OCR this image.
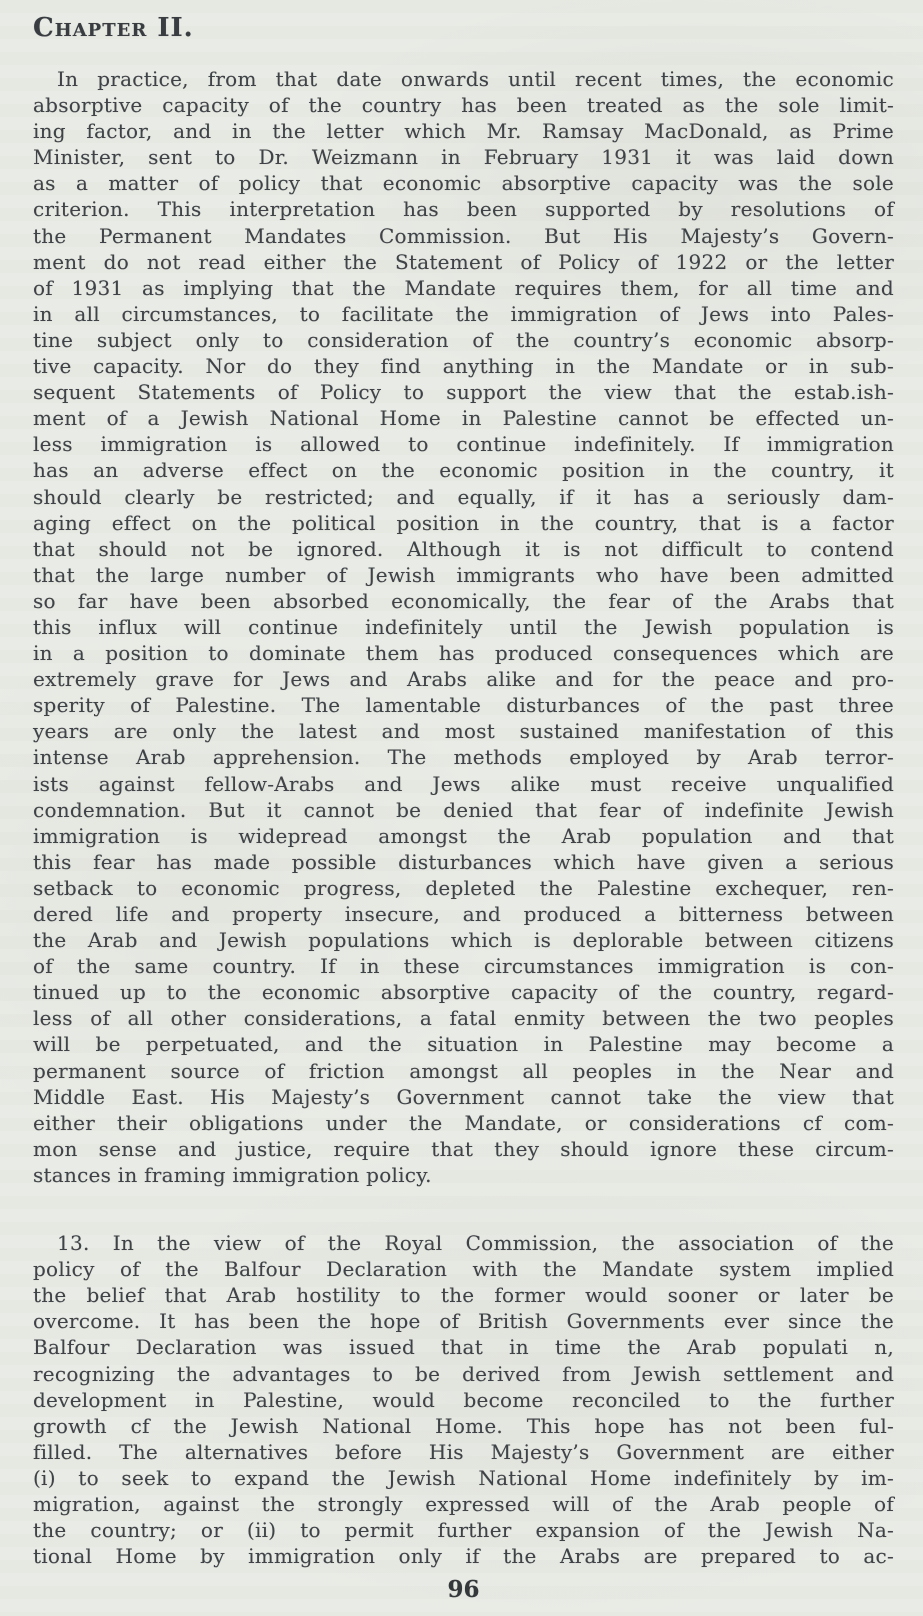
Chapter II.

In practice, from that date onwards until recent times, the economic
absorptive capacity of the country has been treated as the sole limit-
ing factor, and in the letter which Mr. Ramsay MacDonald, as Prime
Minister, sent to Dr. Weizmann in February 1931 it was laid down
as a matter of policy that economic absorptive capacity was the sole
criterion. This interpretation has been supported by resolutions of
the Permanent Mandates Commission. But His Majesty’s Govern-
ment do not read either the Statement of Policy of 1922 or the letter
of 1931 as implying that the Mandate requires them, for all time and
in all circumstances, to facilitate the immigration of Jews into Pales-
tine subject only to consideration of the country’s economic absorp-
tive capacity. Nor do they find anything in the Mandate or in sub-
sequent Statements of Policy to support the view that the estab.ish-
ment of a Jewish National Home in Palestine cannot be effected un-
less immigration is allowed to continue indefinitely. If immigration
has an adverse effect on the economic position in the country, it
should clearly be restricted; and equally, if it has a seriously dam-
aging effect on the political position in the country, that is a factor
that should not be ignored. Although it is not difficult to contend
that the large number of Jewish immigrants who have been admitted
so far have been absorbed economically, the fear of the Arabs that
this influx will continue indefinitely until the Jewish population is
in a position to dominate them has produced consequences which are
extremely grave for Jews and Arabs alike and for the peace and pro-
sperity of Palestine. The lamentable disturbances of the past three
years are only the latest and most sustained manifestation of this
intense Arab apprehension. The methods employed by Arab terror-
ists against fellow-Arabs and Jews alike must receive unqualified
condemnation. But it cannot be denied that fear of indefinite Jewish
immigration is widepread amongst the Arab population and that
this fear has made possible disturbances which have given a serious
setback to economic progress, depleted the Palestine exchequer, ren-
dered life and property insecure, and produced a bitterness between
the Arab and Jewish populations which is deplorable between citizens
of the same country. If in these circumstances immigration is con-
tinued up to the economic absorptive capacity of the country, regard-
less of all other considerations, a fatal enmity between the two peoples
will be perpetuated, and the situation in Palestine may become a
permanent source of friction amongst all peoples in the Near and
Middle East. His Majesty’s Government cannot take the view that
either their obligations under the Mandate, or considerations cf com-
mon sense and justice, require that they should ignore these circum-
stances in framing immigration policy.

13. In the view of the Royal Commission, the association of the
policy of the Balfour Declaration with the Mandate system implied
the belief that Arab hostility to the former would sooner or later be
overcome. It has been the hope of British Governments ever since the
Balfour Declaration was issued that in time the Arab populati n,
recognizing the advantages to be derived from Jewish settlement and
development in Palestine, would become reconciled to the further
growth cf the Jewish National Home. This hope has not been ful-
filled. The alternatives before His Majesty’s Government are either
(i) to seek to expand the Jewish National Home indefinitely by im-
migration, against the strongly expressed will of the Arab people of
the country; or (ii) to permit further expansion of the Jewish Na-
tional Home by immigration only if the Arabs are prepared to ac-

96
